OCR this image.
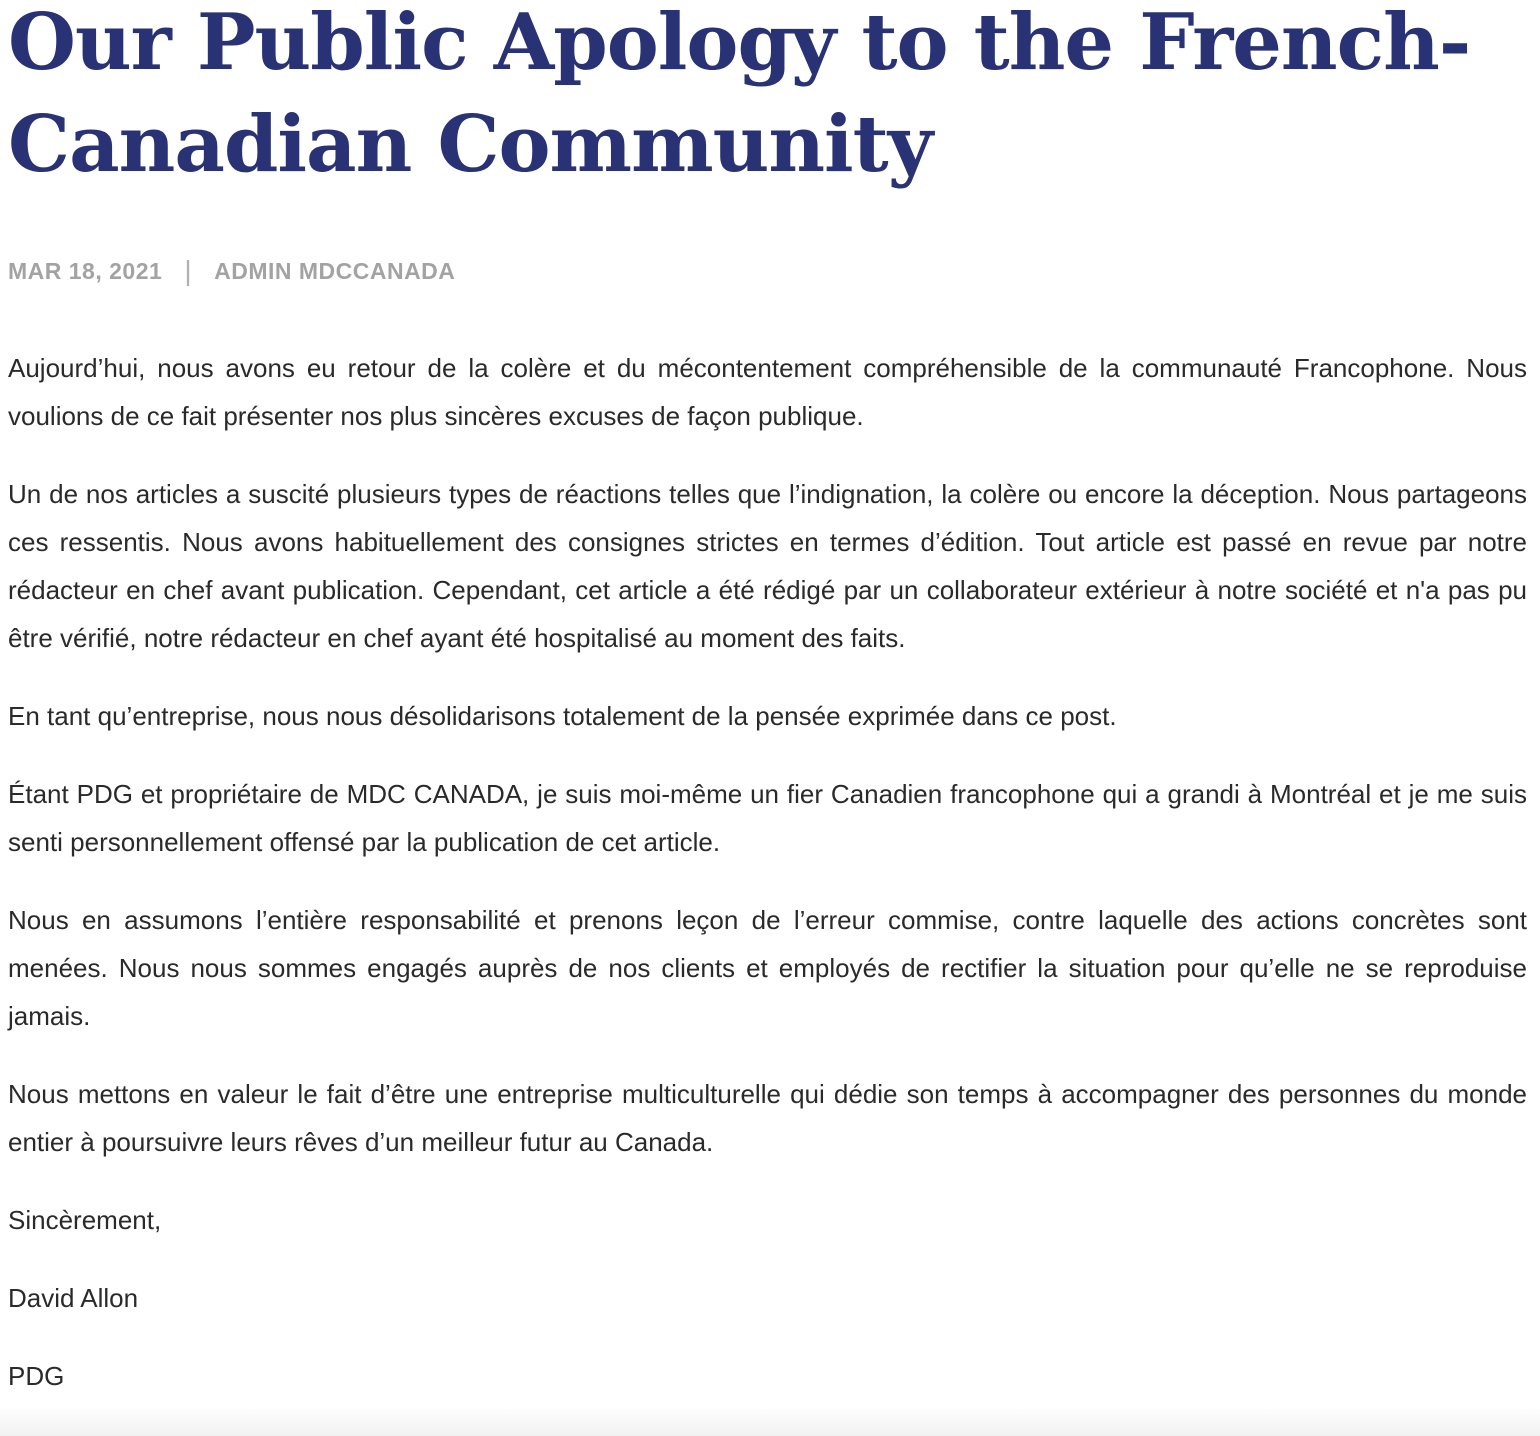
Our Public Apology to the French-Canadian Community
MAR 18, 2021 | ADMIN MDCCANADA

Aujourd’hui, nous avons eu retour de la colère et du mécontentement compréhensible de la communauté Francophone. Nous voulions de ce fait présenter nos plus sincères excuses de façon publique.

Un de nos articles a suscité plusieurs types de réactions telles que l’indignation, la colère ou encore la déception. Nous partageons ces ressentis. Nous avons habituellement des consignes strictes en termes d’édition. Tout article est passé en revue par notre rédacteur en chef avant publication. Cependant, cet article a été rédigé par un collaborateur extérieur à notre société et n'a pas pu être vérifié, notre rédacteur en chef ayant été hospitalisé au moment des faits.

En tant qu’entreprise, nous nous désolidarisons totalement de la pensée exprimée dans ce post.

Étant PDG et propriétaire de MDC CANADA, je suis moi-même un fier Canadien francophone qui a grandi à Montréal et je me suis senti personnellement offensé par la publication de cet article.

Nous en assumons l’entière responsabilité et prenons leçon de l’erreur commise, contre laquelle des actions concrètes sont menées. Nous nous sommes engagés auprès de nos clients et employés de rectifier la situation pour qu’elle ne se reproduise jamais.

Nous mettons en valeur le fait d’être une entreprise multiculturelle qui dédie son temps à accompagner des personnes du monde entier à poursuivre leurs rêves d’un meilleur futur au Canada.

Sincèrement,

David Allon

PDG
